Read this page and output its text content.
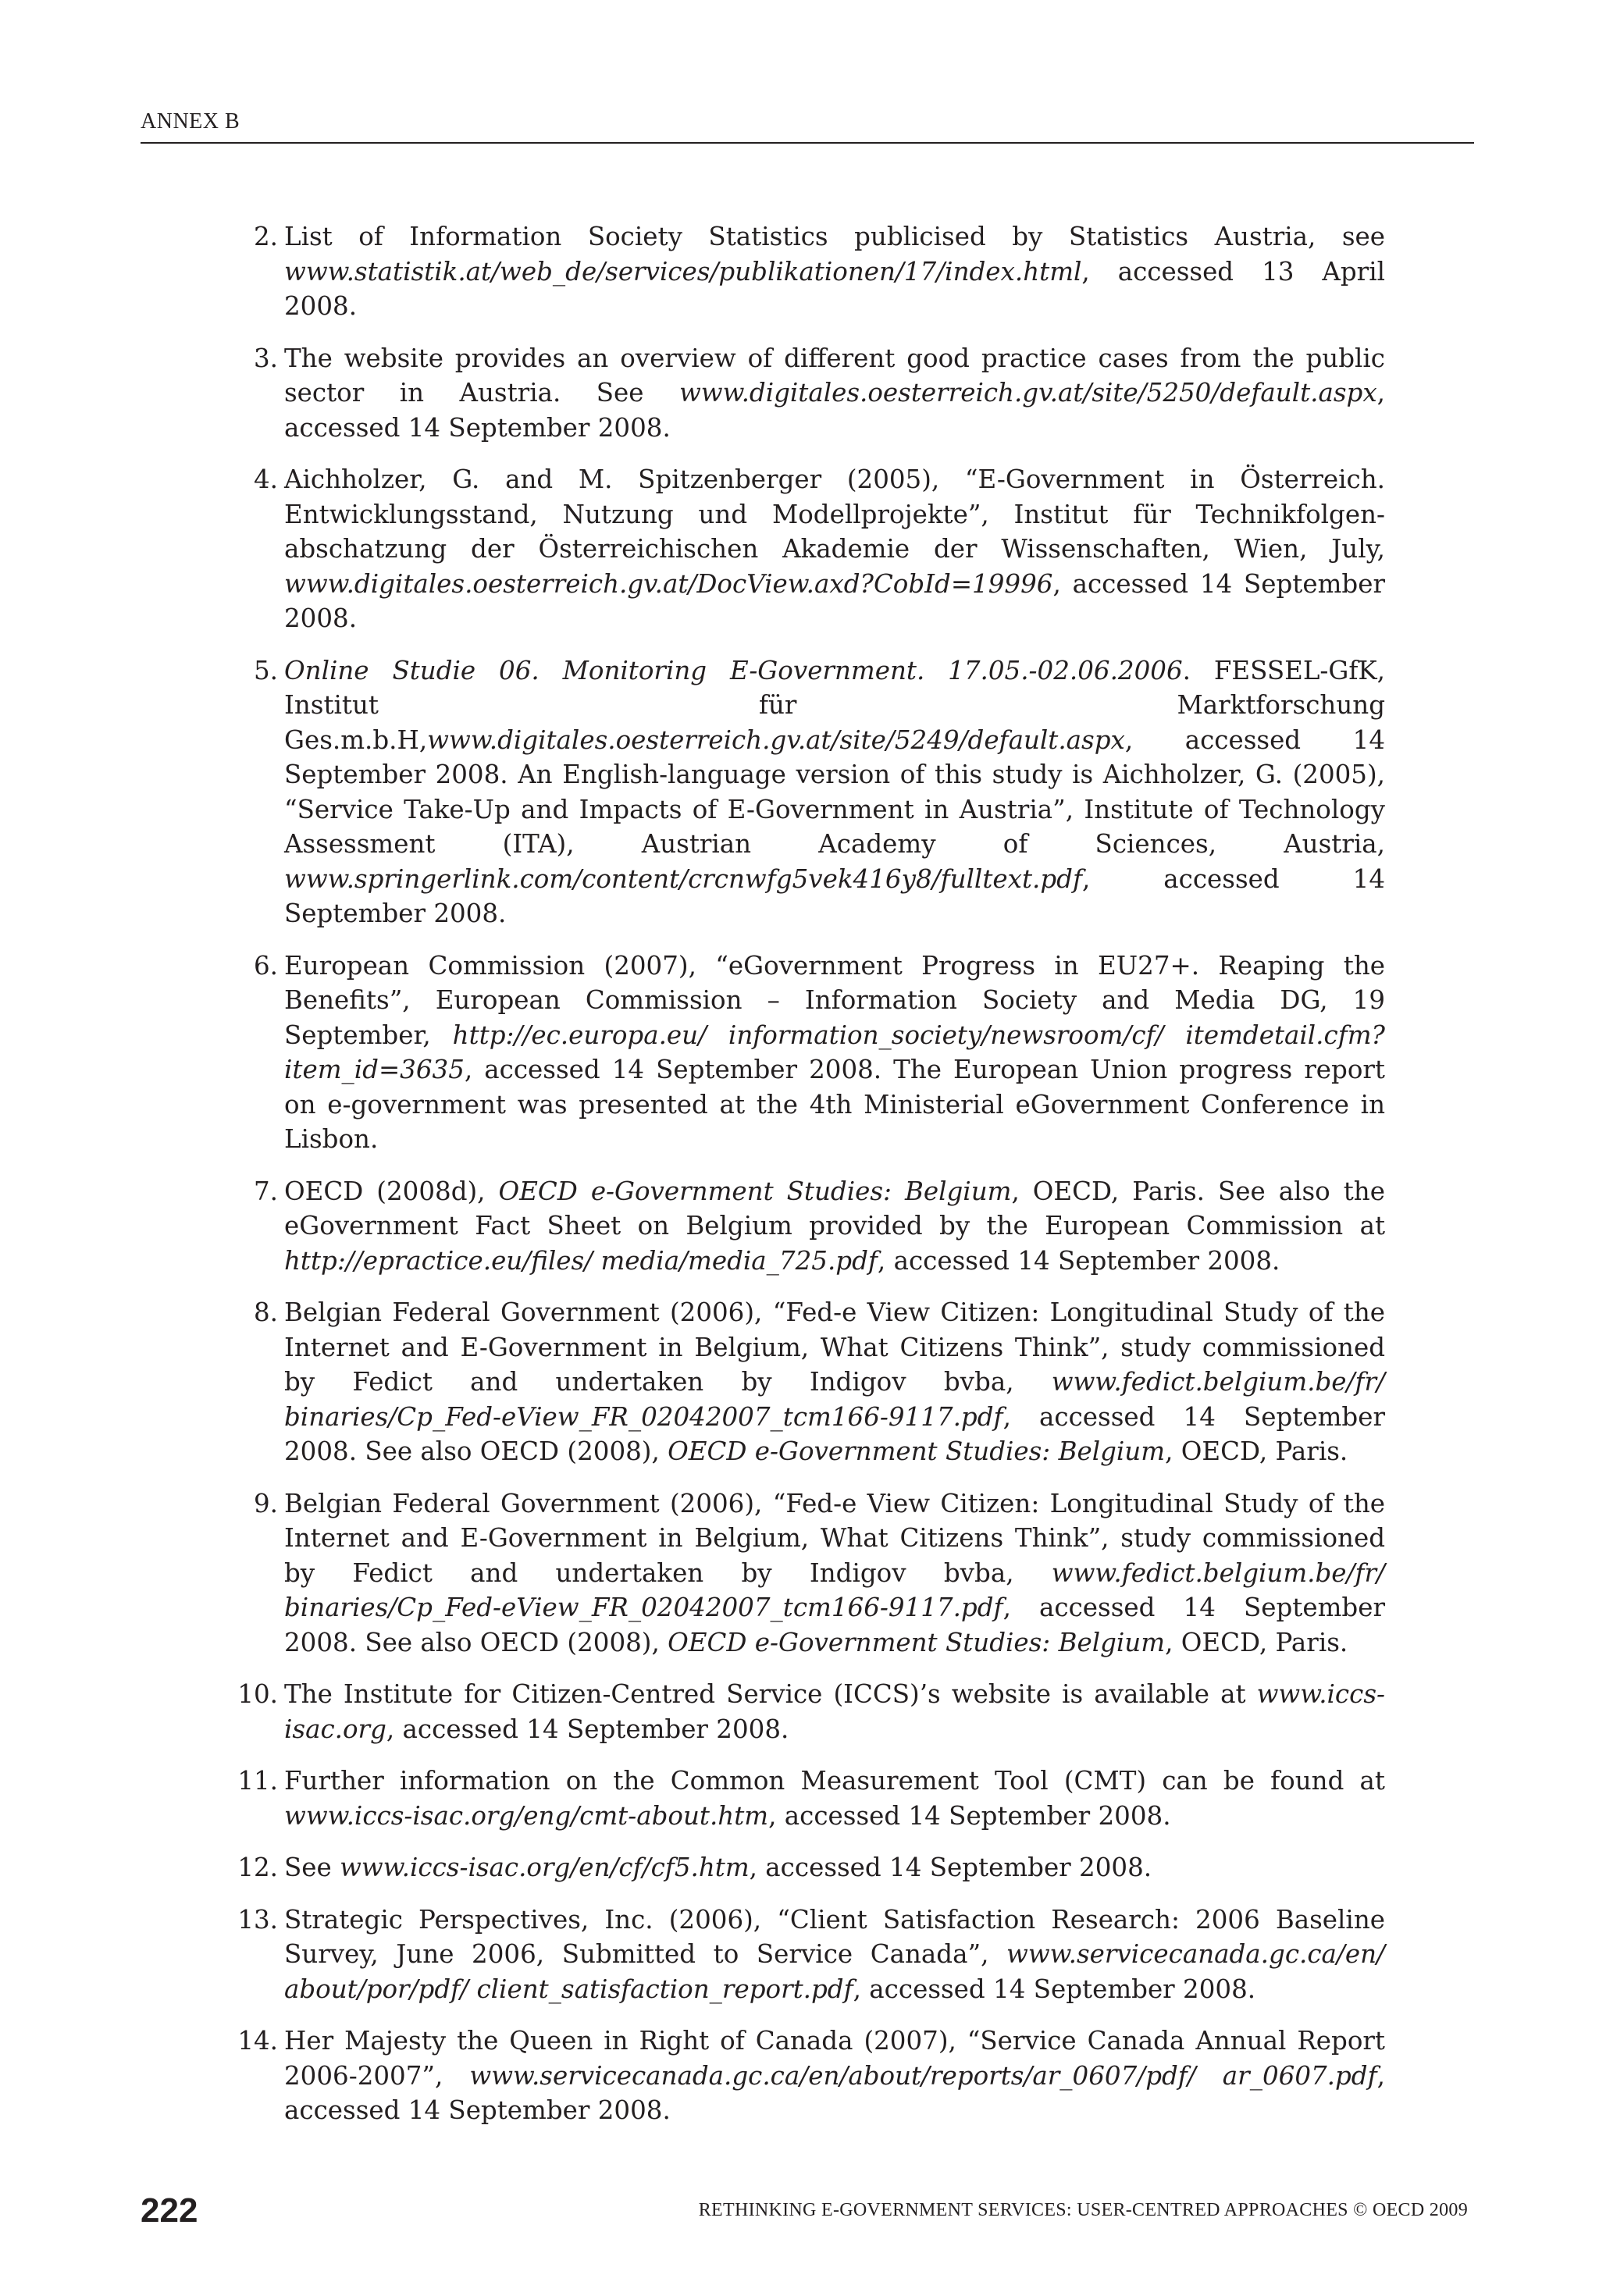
ANNEX B
2. List of Information Society Statistics publicised by Statistics Austria, see www.statistik.at/web_de/services/publikationen/17/index.html, accessed 13 April 2008.
3. The website provides an overview of different good practice cases from the public sector in Austria. See www.digitales.oesterreich.gv.at/site/5250/default.aspx, accessed 14 September 2008.
4. Aichholzer, G. and M. Spitzenberger (2005), “E-Government in Österreich. Entwicklungsstand, Nutzung und Modellprojekte”, Institut für Technikfolgen-abschatzung der Österreichischen Akademie der Wissenschaften, Wien, July, www.digitales.oesterreich.gv.at/DocView.axd?CobId=19996, accessed 14 September 2008.
5. Online Studie 06. Monitoring E-Government. 17.05.-02.06.2006. FESSEL-GfK, Institut für Marktforschung Ges.m.b.H,www.digitales.oesterreich.gv.at/site/5249/default.aspx, accessed 14 September 2008. An English-language version of this study is Aichholzer, G. (2005), “Service Take-Up and Impacts of E-Government in Austria”, Institute of Technology Assessment (ITA), Austrian Academy of Sciences, Austria, www.springerlink.com/content/crcnwfg5vek416y8/fulltext.pdf, accessed 14 September 2008.
6. European Commission (2007), “eGovernment Progress in EU27+. Reaping the Benefits”, European Commission – Information Society and Media DG, 19 September, http://ec.europa.eu/ information_society/newsroom/cf/ itemdetail.cfm?item_id=3635, accessed 14 September 2008. The European Union progress report on e-government was presented at the 4th Ministerial eGovernment Conference in Lisbon.
7. OECD (2008d), OECD e-Government Studies: Belgium, OECD, Paris. See also the eGovernment Fact Sheet on Belgium provided by the European Commission at http://epractice.eu/files/ media/media_725.pdf, accessed 14 September 2008.
8. Belgian Federal Government (2006), “Fed-e View Citizen: Longitudinal Study of the Internet and E-Government in Belgium, What Citizens Think”, study commissioned by Fedict and undertaken by Indigov bvba, www.fedict.belgium.be/fr/ binaries/Cp_Fed-eView_FR_02042007_tcm166-9117.pdf, accessed 14 September 2008. See also OECD (2008), OECD e-Government Studies: Belgium, OECD, Paris.
9. Belgian Federal Government (2006), “Fed-e View Citizen: Longitudinal Study of the Internet and E-Government in Belgium, What Citizens Think”, study commissioned by Fedict and undertaken by Indigov bvba, www.fedict.belgium.be/fr/ binaries/Cp_Fed-eView_FR_02042007_tcm166-9117.pdf, accessed 14 September 2008. See also OECD (2008), OECD e-Government Studies: Belgium, OECD, Paris.
10. The Institute for Citizen-Centred Service (ICCS)’s website is available at www.iccs-isac.org, accessed 14 September 2008.
11. Further information on the Common Measurement Tool (CMT) can be found at www.iccs-isac.org/eng/cmt-about.htm, accessed 14 September 2008.
12. See www.iccs-isac.org/en/cf/cf5.htm, accessed 14 September 2008.
13. Strategic Perspectives, Inc. (2006), “Client Satisfaction Research: 2006 Baseline Survey, June 2006, Submitted to Service Canada”, www.servicecanada.gc.ca/en/ about/por/pdf/ client_satisfaction_report.pdf, accessed 14 September 2008.
14. Her Majesty the Queen in Right of Canada (2007), “Service Canada Annual Report 2006-2007”, www.servicecanada.gc.ca/en/about/reports/ar_0607/pdf/ ar_0607.pdf, accessed 14 September 2008.
222	RETHINKING E-GOVERNMENT SERVICES: USER-CENTRED APPROACHES © OECD 2009
